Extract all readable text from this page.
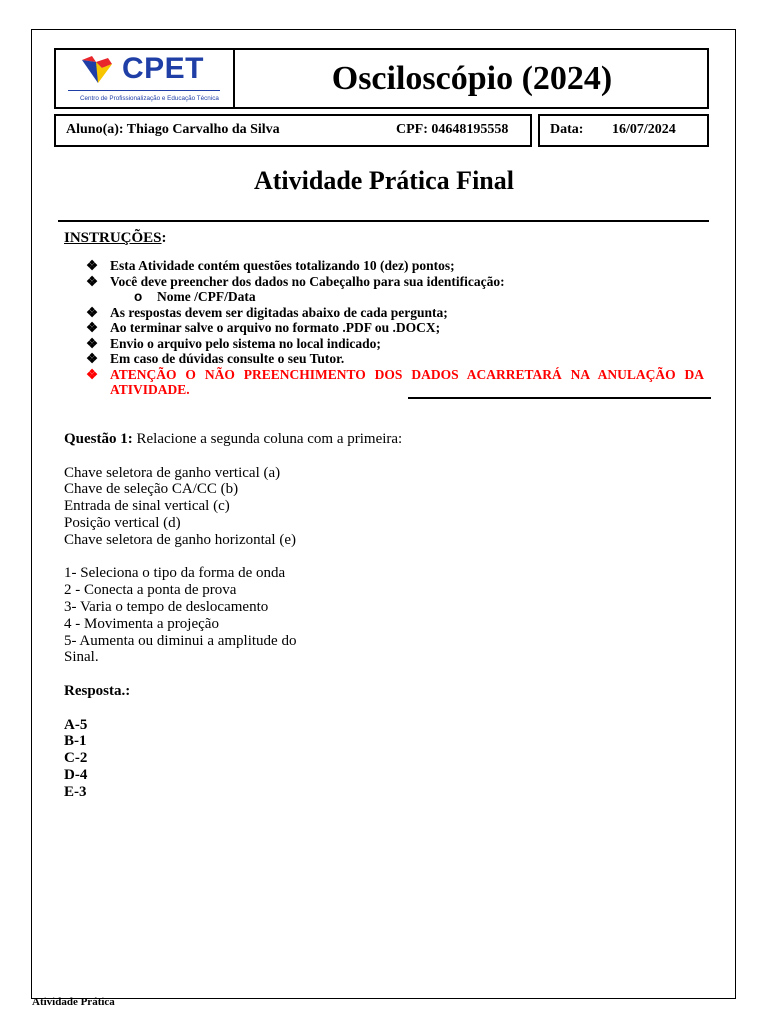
CPET
Centro de Profissionalização e Educação Técnica
Osciloscópio (2024)
Aluno(a): Thiago Carvalho da Silva	CPF: 04648195558	Data: 16/07/2024
Atividade Prática Final
INSTRUÇÕES:
❖ Esta Atividade contém questões totalizando 10 (dez) pontos;
❖ Você deve preencher dos dados no Cabeçalho para sua identificação:
o Nome /CPF/Data
❖ As respostas devem ser digitadas abaixo de cada pergunta;
❖ Ao terminar salve o arquivo no formato .PDF ou .DOCX;
❖ Envio o arquivo pelo sistema no local indicado;
❖ Em caso de dúvidas consulte o seu Tutor.
❖ ATENÇÃO O NÃO PREENCHIMENTO DOS DADOS ACARRETARÁ NA ANULAÇÃO DA ATIVIDADE.

Questão 1: Relacione a segunda coluna com a primeira:

Chave seletora de ganho vertical (a)

Chave de seleção CA/CC (b)

Entrada de sinal vertical (c)

Posição vertical (d)

Chave seletora de ganho horizontal (e)

1- Seleciona o tipo da forma de onda

2 - Conecta a ponta de prova

3- Varia o tempo de deslocamento

4 - Movimenta a projeção

5- Aumenta ou diminui a amplitude do

Sinal.

Resposta.:

A-5

B-1

C-2

D-4

E-3

Atividade Prática
